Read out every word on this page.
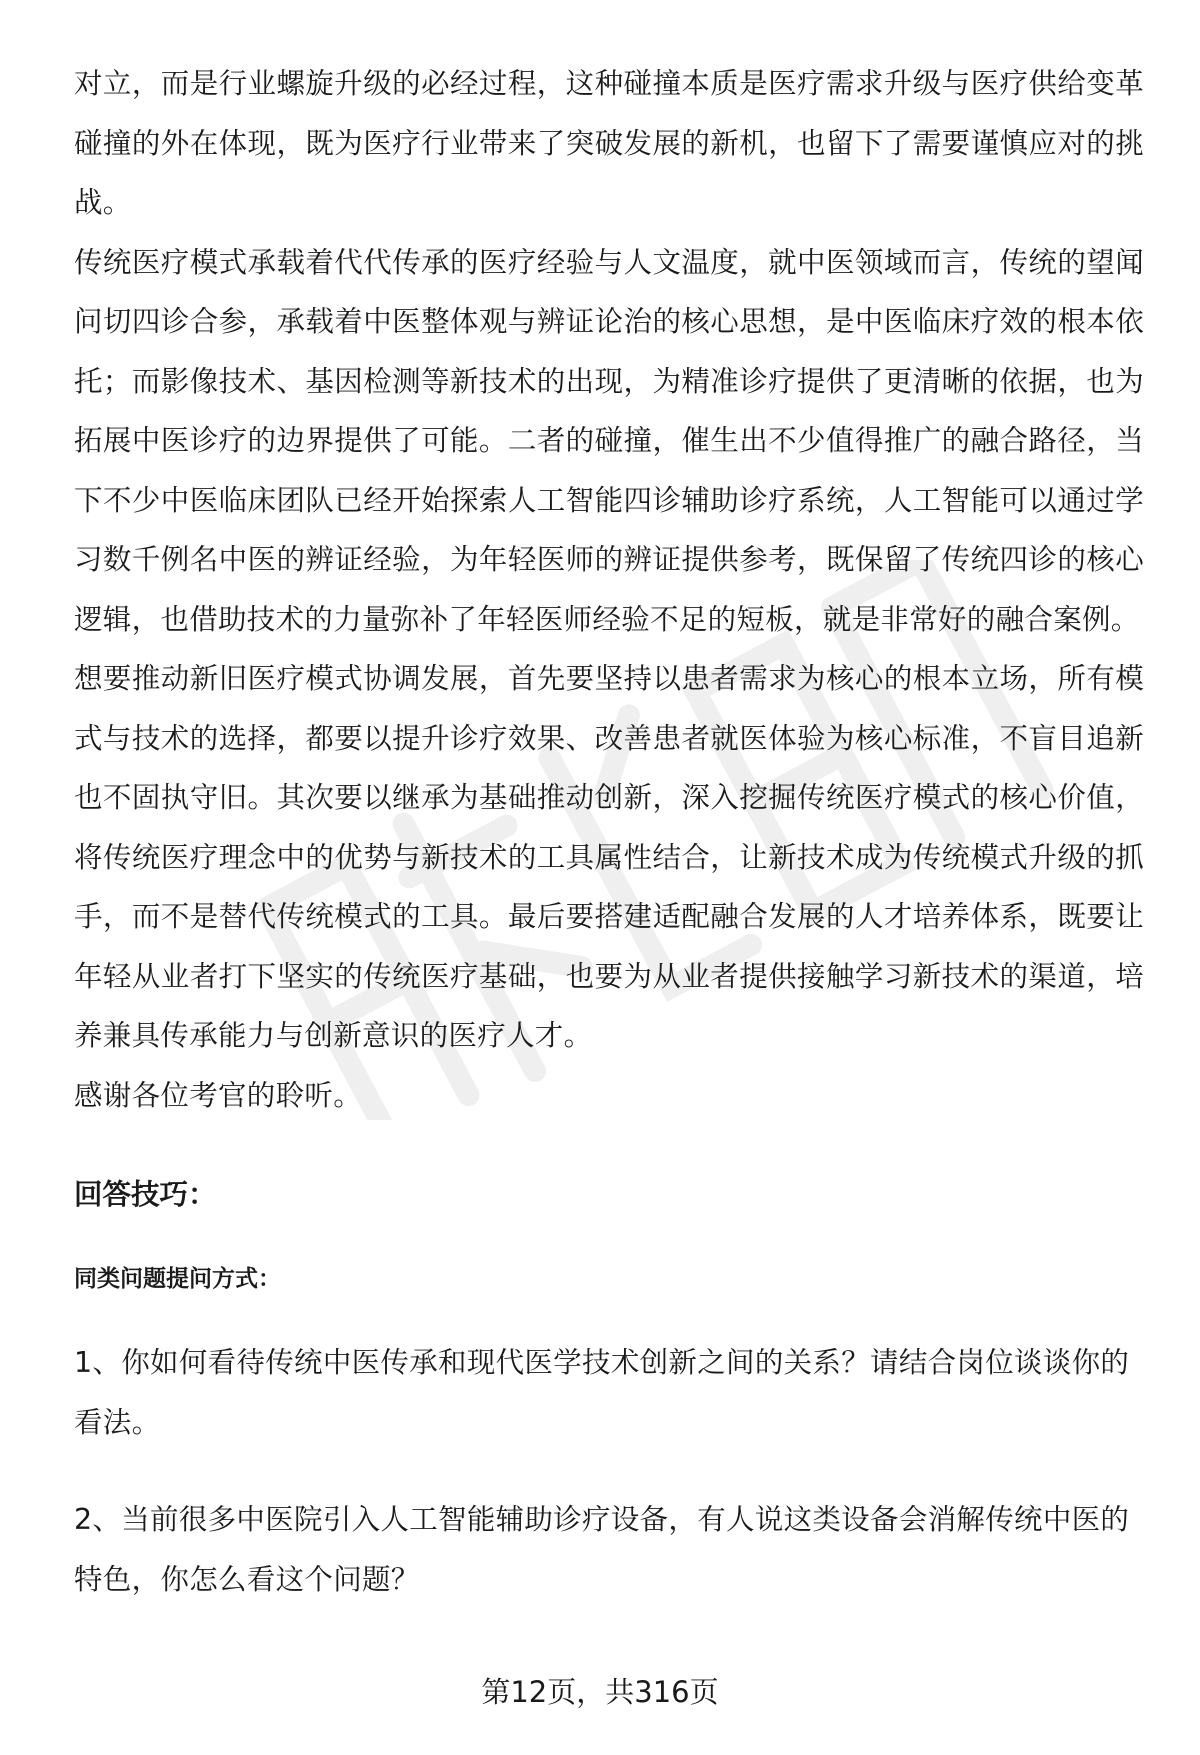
对立，而是行业螺旋升级的必经过程，这种碰撞本质是医疗需求升级与医疗供给变革碰撞的外在体现，既为医疗行业带来了突破发展的新机，也留下了需要谨慎应对的挑战。

传统医疗模式承载着代代传承的医疗经验与人文温度，就中医领域而言，传统的望闻问切四诊合参，承载着中医整体观与辨证论治的核心思想，是中医临床疗效的根本依托；而影像技术、基因检测等新技术的出现，为精准诊疗提供了更清晰的依据，也为拓展中医诊疗的边界提供了可能。二者的碰撞，催生出不少值得推广的融合路径，当下不少中医临床团队已经开始探索人工智能四诊辅助诊疗系统，人工智能可以通过学习数千例名中医的辨证经验，为年轻医师的辨证提供参考，既保留了传统四诊的核心逻辑，也借助技术的力量弥补了年轻医师经验不足的短板，就是非常好的融合案例。

想要推动新旧医疗模式协调发展，首先要坚持以患者需求为核心的根本立场，所有模式与技术的选择，都要以提升诊疗效果、改善患者就医体验为核心标准，不盲目追新也不固执守旧。其次要以继承为基础推动创新，深入挖掘传统医疗模式的核心价值，将传统医疗理念中的优势与新技术的工具属性结合，让新技术成为传统模式升级的抓手，而不是替代传统模式的工具。最后要搭建适配融合发展的人才培养体系，既要让年轻从业者打下坚实的传统医疗基础，也要为从业者提供接触学习新技术的渠道，培养兼具传承能力与创新意识的医疗人才。

感谢各位考官的聆听。

回答技巧：
同类问题提问方式：
1、你如何看待传统中医传承和现代医学技术创新之间的关系？请结合岗位谈谈你的看法。
2、当前很多中医院引入人工智能辅助诊疗设备，有人说这类设备会消解传统中医的特色，你怎么看这个问题？
第12页，共316页
